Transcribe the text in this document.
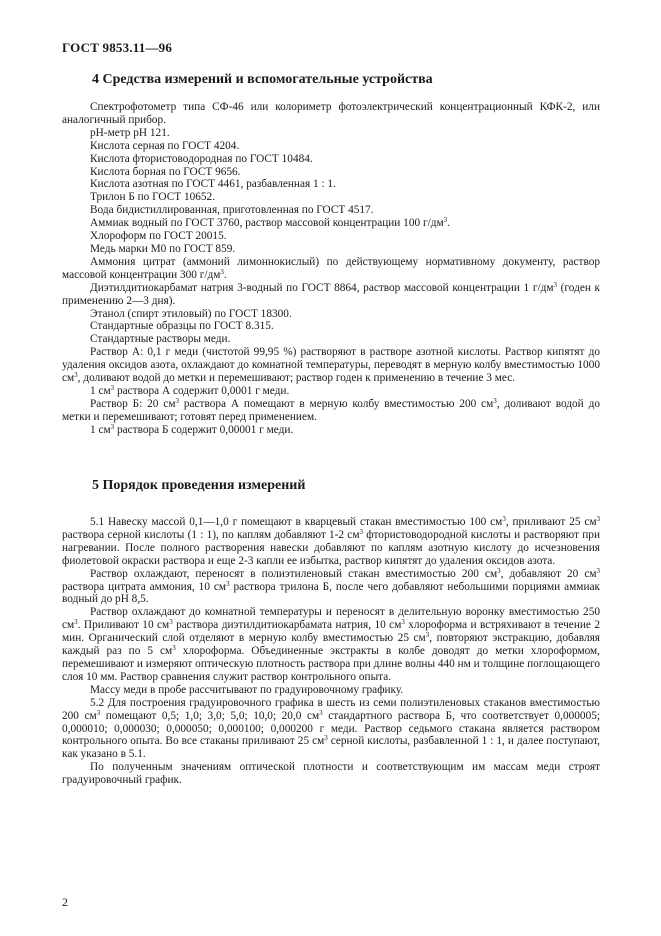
ГОСТ 9853.11—96
4 Средства измерений и вспомогательные устройства

Спектрофотометр типа СФ-46 или колориметр фотоэлектрический концентрационный КФК-2, или аналогичный прибор.

pH-метр pH 121.

Кислота серная по ГОСТ 4204.

Кислота фтористоводородная по ГОСТ 10484.

Кислота борная по ГОСТ 9656.

Кислота азотная по ГОСТ 4461, разбавленная 1 : 1.

Трилон Б по ГОСТ 10652.

Вода бидистиллированная, приготовленная по ГОСТ 4517.

Аммиак водный по ГОСТ 3760, раствор массовой концентрации 100 $г/дм^3$.

Хлороформ по ГОСТ 20015.

Медь марки М0 по ГОСТ 859.

Аммония цитрат (аммоний лимоннокислый) по действующему нормативному документу, раствор массовой концентрации 300 $г/дм^3$.

Диэтилдитиокарбамат натрия 3-водный по ГОСТ 8864, раствор массовой концентрации 1 $г/дм^3$ (годен к применению 2—3 дня).

Этанол (спирт этиловый) по ГОСТ 18300.

Стандартные образцы по ГОСТ 8.315.

Стандартные растворы меди.

Раствор А: 0,1 г меди (чистотой 99,95 %) растворяют в растворе азотной кислоты. Раствор кипятят до удаления оксидов азота, охлаждают до комнатной температуры, переводят в мерную колбу вместимостью 1000 $см^3$, доливают водой до метки и перемешивают; раствор годен к применению в течение 3 мес.

1 $см^3$ раствора А содержит 0,0001 г меди.

Раствор Б: 20 $см^3$ раствора А помещают в мерную колбу вместимостью 200 $см^3$, доливают водой до метки и перемешивают; готовят перед применением.

1 $см^3$ раствора Б содержит 0,00001 г меди.

5 Порядок проведения измерений

5.1 Навеску массой 0,1—1,0 г помещают в кварцевый стакан вместимостью 100 $см^3$, приливают 25 $см^3$ раствора серной кислоты (1 : 1), по каплям добавляют 1-2 $см^3$ фтористоводородной кислоты и растворяют при нагревании. После полного растворения навески добавляют по каплям азотную кислоту до исчезновения фиолетовой окраски раствора и еще 2-3 капли ее избытка, раствор кипятят до удаления оксидов азота.

Раствор охлаждают, переносят в полиэтиленовый стакан вместимостью 200 $см^3$, добавляют 20 $см^3$ раствора цитрата аммония, 10 $см^3$ раствора трилона Б, после чего добавляют небольшими порциями аммиак водный до pH 8,5.

Раствор охлаждают до комнатной температуры и переносят в делительную воронку вместимостью 250 $см^3$. Приливают 10 $см^3$ раствора диэтилдитиокарбамата натрия, 10 $см^3$ хлороформа и встряхивают в течение 2 мин. Органический слой отделяют в мерную колбу вместимостью 25 $см^3$, повторяют экстракцию, добавляя каждый раз по 5 $см^3$ хлороформа. Объединенные экстракты в колбе доводят до метки хлороформом, перемешивают и измеряют оптическую плотность раствора при длине волны 440 нм и толщине поглощающего слоя 10 мм. Раствор сравнения служит раствор контрольного опыта.

Массу меди в пробе рассчитывают по градуировочному графику.

5.2 Для построения градуировочного графика в шесть из семи полиэтиленовых стаканов вместимостью 200 $см^3$ помещают 0,5; 1,0; 3,0; 5,0; 10,0; 20,0 $см^3$ стандартного раствора Б, что соответствует 0,000005; 0,000010; 0,000030; 0,000050; 0,000100; 0,000200 г меди. Раствор седьмого стакана является раствором контрольного опыта. Во все стаканы приливают 25 $см^3$ серной кислоты, разбавленной 1 : 1, и далее поступают, как указано в 5.1.

По полученным значениям оптической плотности и соответствующим им массам меди строят градуировочный график.

2
